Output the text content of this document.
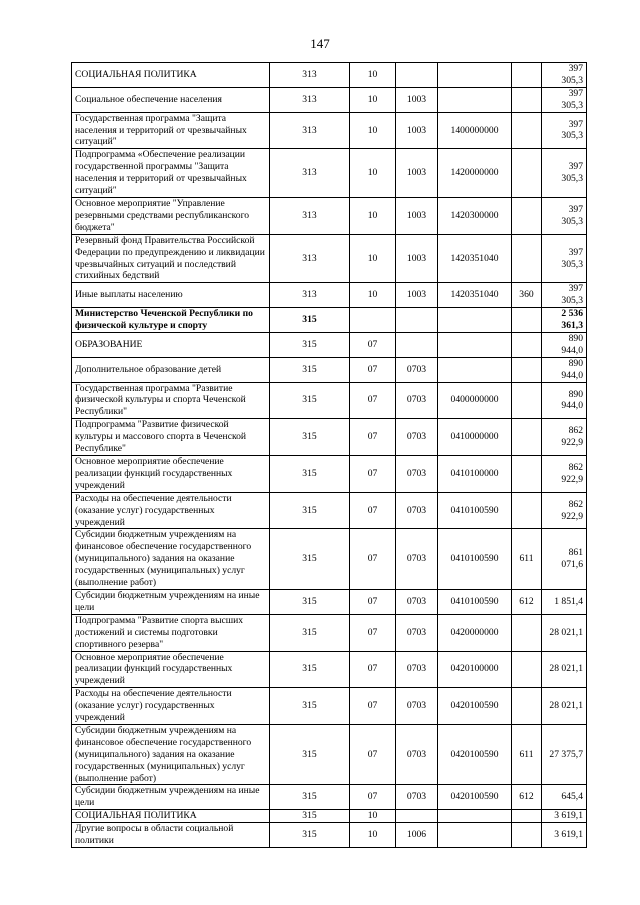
147
СОЦИАЛЬНАЯ ПОЛИТИКА	313	10				397 305,3
Социальное обеспечение населения	313	10	1003			397 305,3
Государственная программа "Защита населения и территорий от чрезвычайных ситуаций"	313	10	1003	1400000000		397 305,3
Подпрограмма «Обеспечение реализации государственной программы "Защита населения и территорий от чрезвычайных ситуаций"	313	10	1003	1420000000		397 305,3
Основное мероприятие "Управление резервными средствами республиканского бюджета"	313	10	1003	1420300000		397 305,3
Резервный фонд Правительства Российской Федерации по предупреждению и ликвидации чрезвычайных ситуаций и последствий стихийных бедствий	313	10	1003	1420351040		397 305,3
Иные выплаты населению	313	10	1003	1420351040	360	397 305,3
Министерство Чеченской Республики по физической культуре и спорту	315					2 536 361,3
ОБРАЗОВАНИЕ	315	07				890 944,0
Дополнительное образование детей	315	07	0703			890 944,0
Государственная программа "Развитие физической культуры и спорта Чеченской Республики"	315	07	0703	0400000000		890 944,0
Подпрограмма "Развитие физической культуры и массового спорта в Чеченской Республике"	315	07	0703	0410000000		862 922,9
Основное мероприятие обеспечение реализации функций государственных учреждений	315	07	0703	0410100000		862 922,9
Расходы на обеспечение деятельности (оказание услуг) государственных учреждений	315	07	0703	0410100590		862 922,9
Субсидии бюджетным учреждениям на финансовое обеспечение государственного (муниципального) задания на оказание государственных (муниципальных) услуг (выполнение работ)	315	07	0703	0410100590	611	861 071,6
Субсидии бюджетным учреждениям на иные цели	315	07	0703	0410100590	612	1 851,4
Подпрограмма "Развитие спорта высших достижений и системы подготовки спортивного резерва"	315	07	0703	0420000000		28 021,1
Основное мероприятие обеспечение реализации функций государственных учреждений	315	07	0703	0420100000		28 021,1
Расходы на обеспечение деятельности (оказание услуг) государственных учреждений	315	07	0703	0420100590		28 021,1
Субсидии бюджетным учреждениям на финансовое обеспечение государственного (муниципального) задания на оказание государственных (муниципальных) услуг (выполнение работ)	315	07	0703	0420100590	611	27 375,7
Субсидии бюджетным учреждениям на иные цели	315	07	0703	0420100590	612	645,4
СОЦИАЛЬНАЯ ПОЛИТИКА	315	10				3 619,1
Другие вопросы в области социальной политики	315	10	1006			3 619,1
